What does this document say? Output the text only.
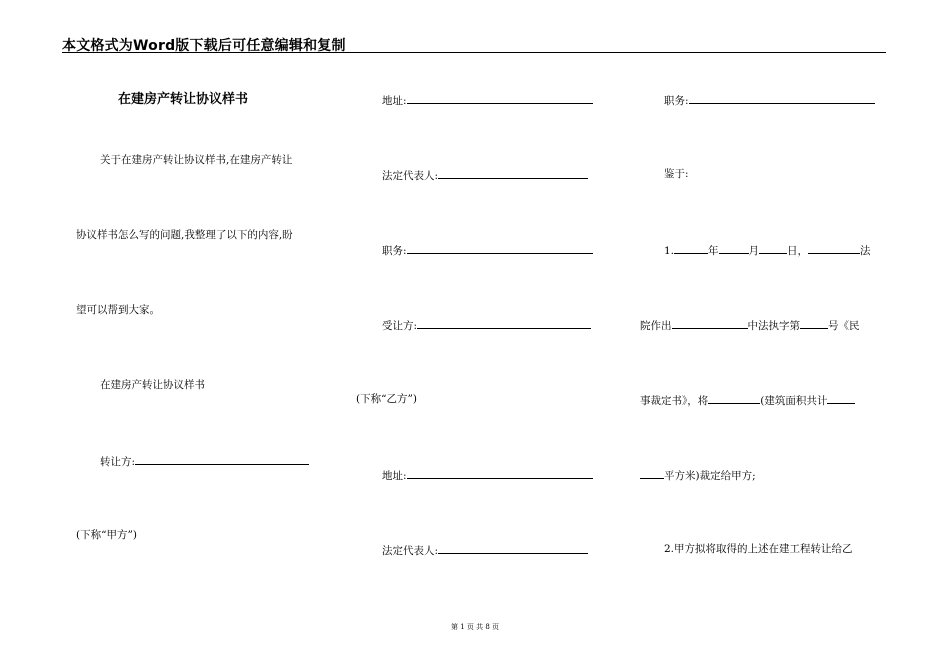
本文格式为Word版下载后可任意编辑和复制
在建房产转让协议样书
关于在建房产转让协议样书,在建房产转让
协议样书怎么写的问题,我整理了以下的内容,盼
望可以帮到大家。
在建房产转让协议样书
转让方:
(下称“甲方”)
地址:
法定代表人:
职务:
受让方:
(下称“乙方”)
地址:
法定代表人:
职务:
鉴于:
1.	年	月	日，	法
院作出	中法执字第	号《民
事裁定书》，将	(建筑面积共计
平方米)裁定给甲方;
2.甲方拟将取得的上述在建工程转让给乙
第 1 页 共 8 页
